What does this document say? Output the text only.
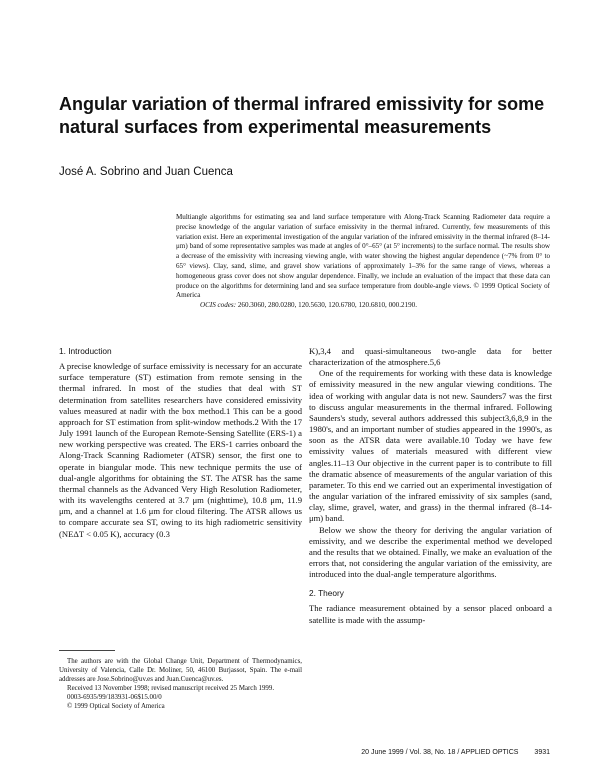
Angular variation of thermal infrared emissivity for some natural surfaces from experimental measurements
José A. Sobrino and Juan Cuenca
Multiangle algorithms for estimating sea and land surface temperature with Along-Track Scanning Radiometer data require a precise knowledge of the angular variation of surface emissivity in the thermal infrared. Currently, few measurements of this variation exist. Here an experimental investigation of the angular variation of the infrared emissivity in the thermal infrared (8–14-μm) band of some representative samples was made at angles of 0°–65° (at 5° increments) to the surface normal. The results show a decrease of the emissivity with increasing viewing angle, with water showing the highest angular dependence (~7% from 0° to 65° views). Clay, sand, slime, and gravel show variations of approximately 1–3% for the same range of views, whereas a homogeneous grass cover does not show angular dependence. Finally, we include an evaluation of the impact that these data can produce on the algorithms for determining land and sea surface temperature from double-angle views. © 1999 Optical Society of America
OCIS codes: 260.3060, 280.0280, 120.5630, 120.6780, 120.6810, 000.2190.
1. Introduction

A precise knowledge of surface emissivity is necessary for an accurate surface temperature (ST) estimation from remote sensing in the thermal infrared. In most of the studies that deal with ST determination from satellites researchers have considered emissivity values measured at nadir with the box method.1 This can be a good approach for ST estimation from split-window methods.2 With the 17 July 1991 launch of the European Remote-Sensing Satellite (ERS-1) a new working perspective was created. The ERS-1 carries onboard the Along-Track Scanning Radiometer (ATSR) sensor, the first one to operate in biangular mode. This new technique permits the use of dual-angle algorithms for obtaining the ST. The ATSR has the same thermal channels as the Advanced Very High Resolution Radiometer, with its wavelengths centered at 3.7 μm (nighttime), 10.8 μm, 11.9 μm, and a channel at 1.6 μm for cloud filtering. The ATSR allows us to compare accurate sea ST, owing to its high radiometric sensitivity (NEΔT < 0.05 K), accuracy (0.3

K),3,4 and quasi-simultaneous two-angle data for better characterization of the atmosphere.5,6

One of the requirements for working with these data is knowledge of emissivity measured in the new angular viewing conditions. The idea of working with angular data is not new. Saunders7 was the first to discuss angular measurements in the thermal infrared. Following Saunders's study, several authors addressed this subject3,6,8,9 in the 1980's, and an important number of studies appeared in the 1990's, as soon as the ATSR data were available.10 Today we have few emissivity values of materials measured with different view angles.11–13 Our objective in the current paper is to contribute to fill the dramatic absence of measurements of the angular variation of this parameter. To this end we carried out an experimental investigation of the angular variation of the infrared emissivity of six samples (sand, clay, slime, gravel, water, and grass) in the thermal infrared (8–14-μm) band.

Below we show the theory for deriving the angular variation of emissivity, and we describe the experimental method we developed and the results that we obtained. Finally, we make an evaluation of the errors that, not considering the angular variation of the emissivity, are introduced into the dual-angle temperature algorithms.

2. Theory

The radiance measurement obtained by a sensor placed onboard a satellite is made with the assump-

The authors are with the Global Change Unit, Department of Thermodynamics, University of Valencia, Calle Dr. Moliner, 50, 46100 Burjassot, Spain. The e-mail addresses are Jose.Sobrino@uv.es and Juan.Cuenca@uv.es.

Received 13 November 1998; revised manuscript received 25 March 1999.

0003-6935/99/183931-06$15.00/0

© 1999 Optical Society of America

20 June 1999 / Vol. 38, No. 18 / APPLIED OPTICS 3931
